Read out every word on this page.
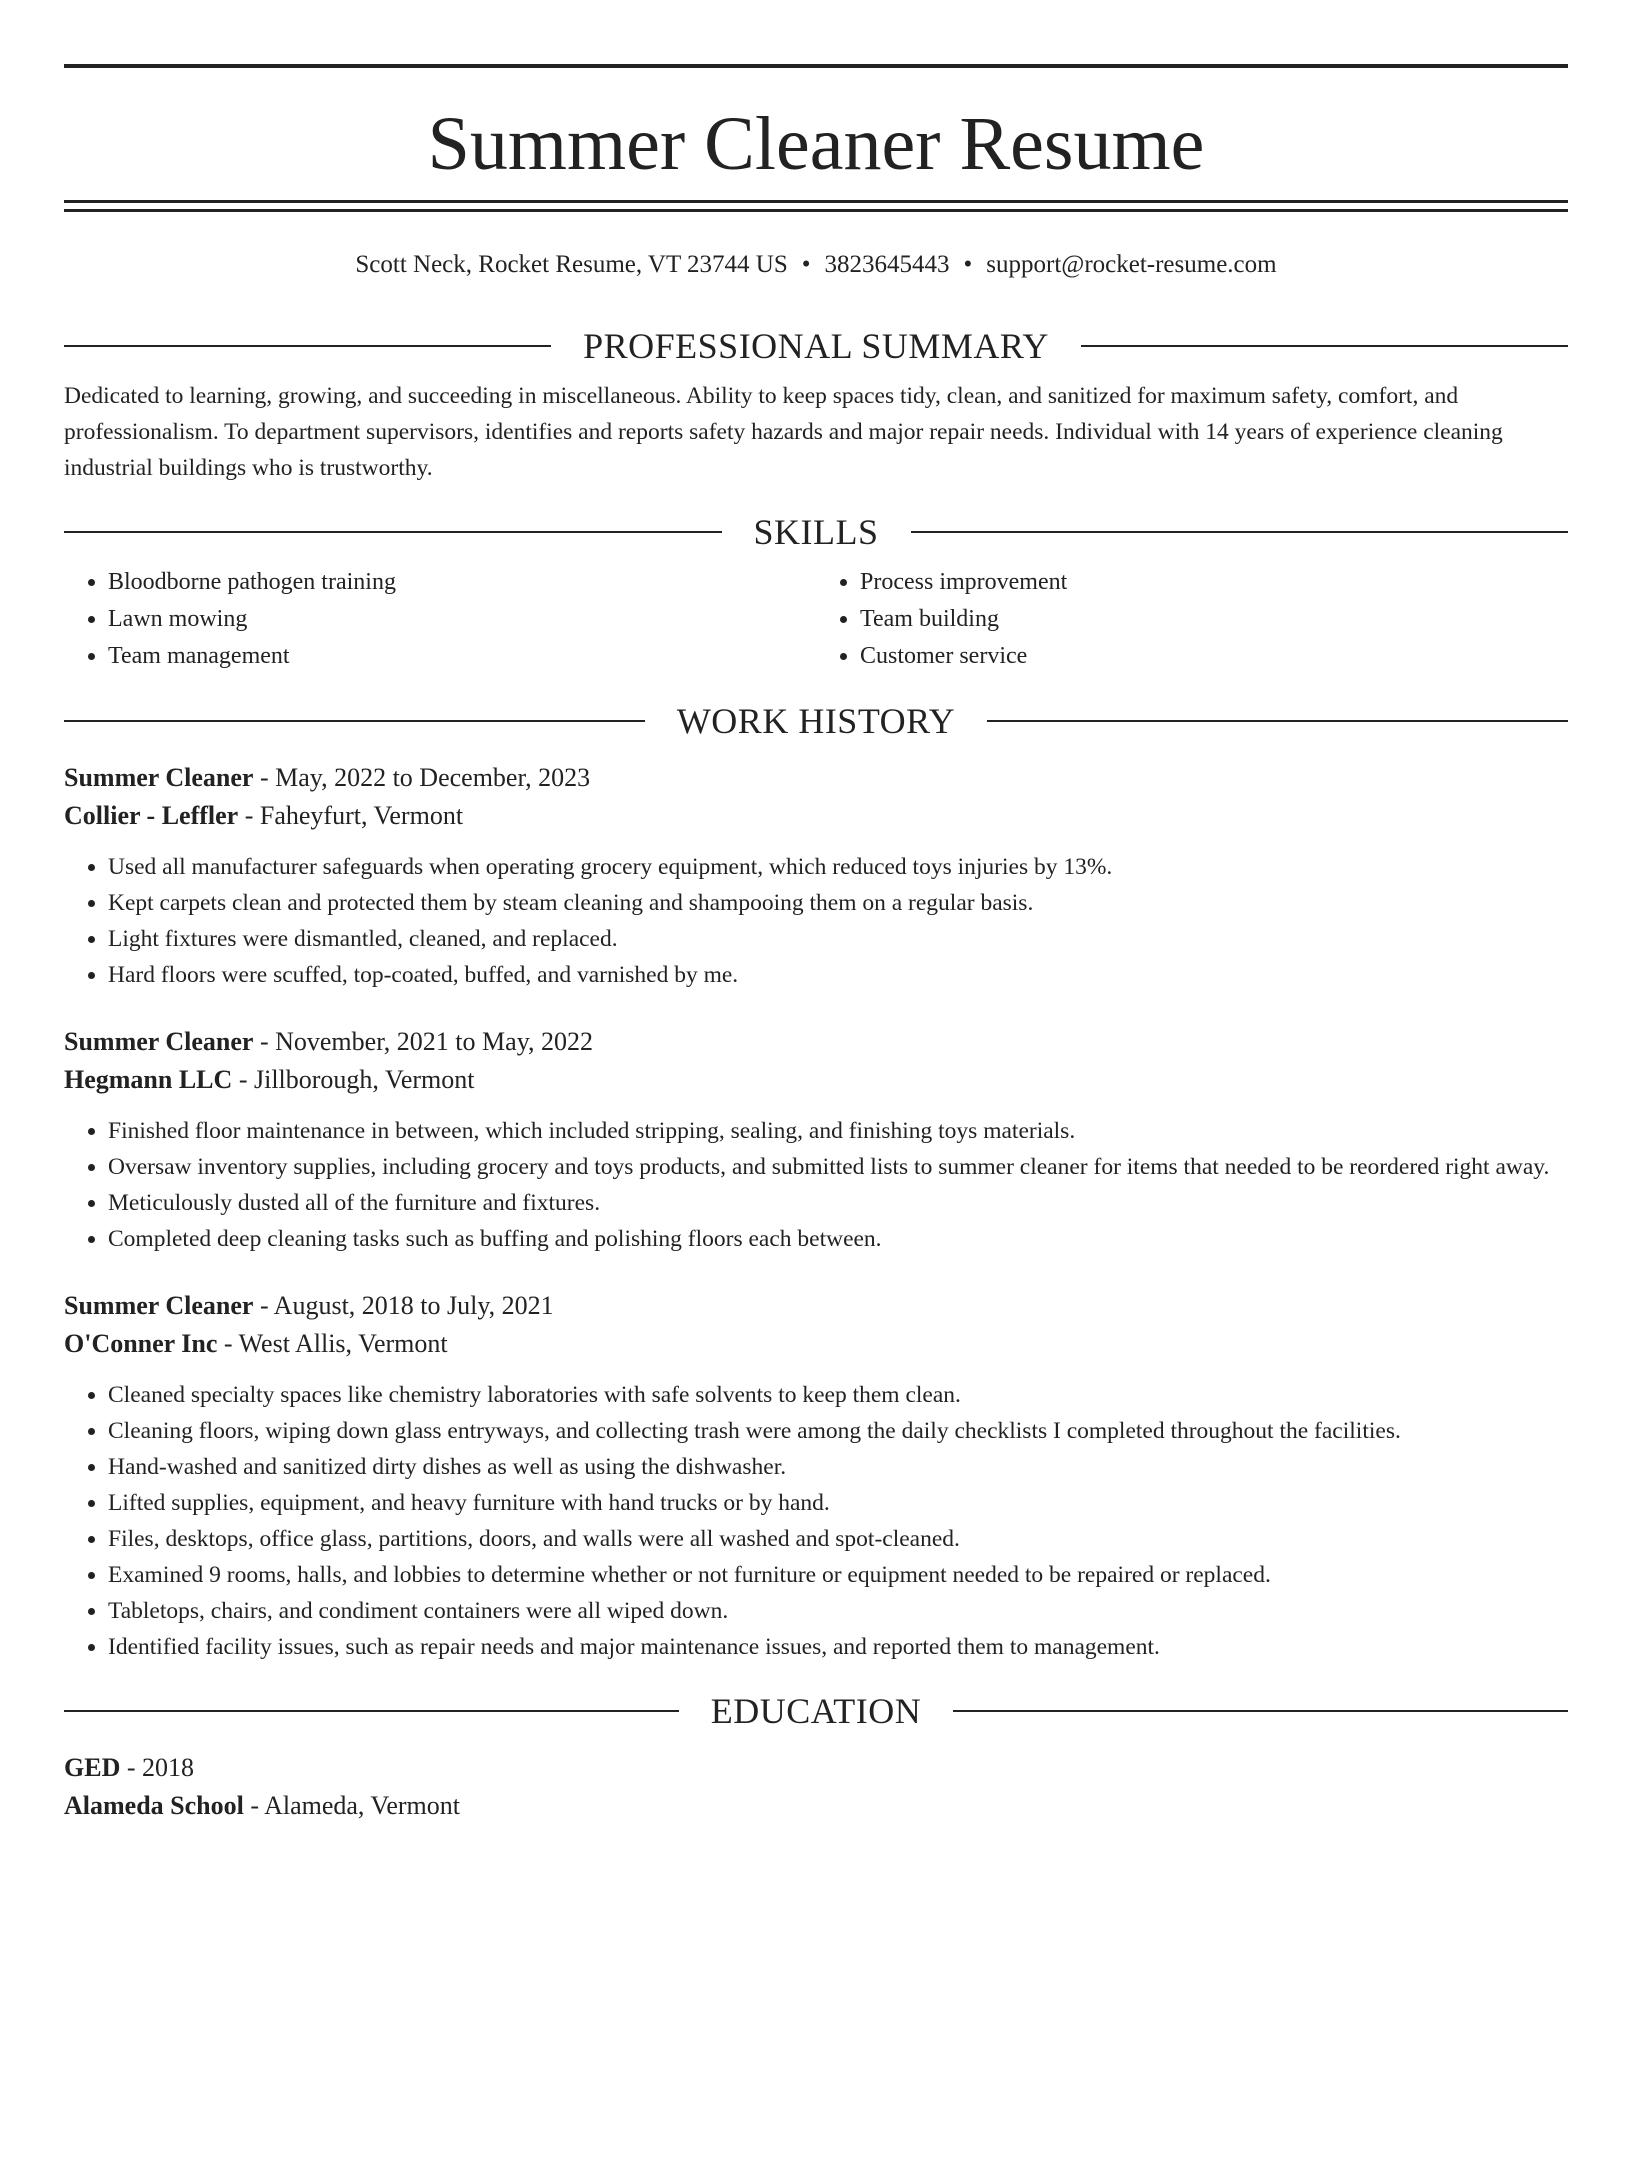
Summer Cleaner Resume
Scott Neck, Rocket Resume, VT 23744 US • 3823645443 • support@rocket-resume.com
PROFESSIONAL SUMMARY

Dedicated to learning, growing, and succeeding in miscellaneous. Ability to keep spaces tidy, clean, and sanitized for maximum safety, comfort, and professionalism. To department supervisors, identifies and reports safety hazards and major repair needs. Individual with 14 years of experience cleaning industrial buildings who is trustworthy.

SKILLS
• Bloodborne pathogen training
• Lawn mowing
• Team management
• Process improvement
• Team building
• Customer service
WORK HISTORY
Summer Cleaner - May, 2022 to December, 2023
Collier - Leffler - Faheyfurt, Vermont
• Used all manufacturer safeguards when operating grocery equipment, which reduced toys injuries by 13%.
• Kept carpets clean and protected them by steam cleaning and shampooing them on a regular basis.
• Light fixtures were dismantled, cleaned, and replaced.
• Hard floors were scuffed, top-coated, buffed, and varnished by me.
Summer Cleaner - November, 2021 to May, 2022
Hegmann LLC - Jillborough, Vermont
• Finished floor maintenance in between, which included stripping, sealing, and finishing toys materials.
• Oversaw inventory supplies, including grocery and toys products, and submitted lists to summer cleaner for items that needed to be reordered right away.
• Meticulously dusted all of the furniture and fixtures.
• Completed deep cleaning tasks such as buffing and polishing floors each between.
Summer Cleaner - August, 2018 to July, 2021
O'Conner Inc - West Allis, Vermont
• Cleaned specialty spaces like chemistry laboratories with safe solvents to keep them clean.
• Cleaning floors, wiping down glass entryways, and collecting trash were among the daily checklists I completed throughout the facilities.
• Hand-washed and sanitized dirty dishes as well as using the dishwasher.
• Lifted supplies, equipment, and heavy furniture with hand trucks or by hand.
• Files, desktops, office glass, partitions, doors, and walls were all washed and spot-cleaned.
• Examined 9 rooms, halls, and lobbies to determine whether or not furniture or equipment needed to be repaired or replaced.
• Tabletops, chairs, and condiment containers were all wiped down.
• Identified facility issues, such as repair needs and major maintenance issues, and reported them to management.
EDUCATION
GED - 2018
Alameda School - Alameda, Vermont
